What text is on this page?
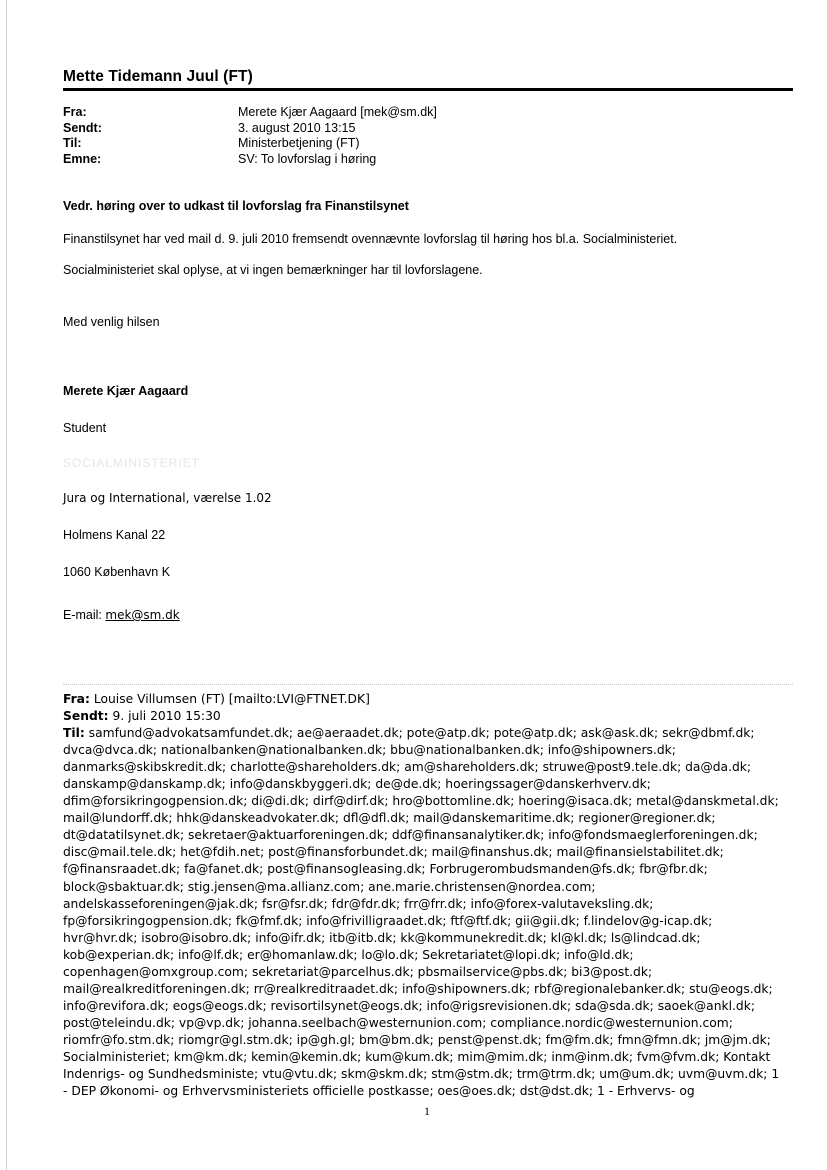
Mette Tidemann Juul (FT)
Fra:	Merete Kjær Aagaard [mek@sm.dk]
Sendt:	3. august 2010 13:15
Til:	Ministerbetjening (FT)
Emne:	SV: To lovforslag i høring
Vedr. høring over to udkast til lovforslag fra Finanstilsynet
Finanstilsynet har ved mail d. 9. juli 2010 fremsendt ovennævnte lovforslag til høring hos bl.a. Socialministeriet.
Socialministeriet skal oplyse, at vi ingen bemærkninger har til lovforslagene.
Med venlig hilsen
Merete Kjær Aagaard
Student
SOCIALMINISTERIET
Jura og International, værelse 1.02
Holmens Kanal 22
1060 København K
E-mail: mek@sm.dk
Fra: Louise Villumsen (FT) [mailto:LVI@FTNET.DK]
Sendt: 9. juli 2010 15:30
Til: samfund@advokatsamfundet.dk; ae@aeraadet.dk; pote@atp.dk; pote@atp.dk; ask@ask.dk; sekr@dbmf.dk;
dvca@dvca.dk; nationalbanken@nationalbanken.dk; bbu@nationalbanken.dk; info@shipowners.dk;
danmarks@skibskredit.dk; charlotte@shareholders.dk; am@shareholders.dk; struwe@post9.tele.dk; da@da.dk;
danskamp@danskamp.dk; info@danskbyggeri.dk; de@de.dk; hoeringssager@danskerhverv.dk;
dfim@forsikringogpension.dk; di@di.dk; dirf@dirf.dk; hro@bottomline.dk; hoering@isaca.dk; metal@danskmetal.dk;
mail@lundorff.dk; hhk@danskeadvokater.dk; dfl@dfl.dk; mail@danskemaritime.dk; regioner@regioner.dk;
dt@datatilsynet.dk; sekretaer@aktuarforeningen.dk; ddf@finansanalytiker.dk; info@fondsmaeglerforeningen.dk;
disc@mail.tele.dk; het@fdih.net; post@finansforbundet.dk; mail@finanshus.dk; mail@finansielstabilitet.dk;
f@finansraadet.dk; fa@fanet.dk; post@finansogleasing.dk; Forbrugerombudsmanden@fs.dk; fbr@fbr.dk;
block@sbaktuar.dk; stig.jensen@ma.allianz.com; ane.marie.christensen@nordea.com;
andelskasseforeningen@jak.dk; fsr@fsr.dk; fdr@fdr.dk; frr@frr.dk; info@forex-valutaveksling.dk;
fp@forsikringogpension.dk; fk@fmf.dk; info@frivilligraadet.dk; ftf@ftf.dk; gii@gii.dk; f.lindelov@g-icap.dk;
hvr@hvr.dk; isobro@isobro.dk; info@ifr.dk; itb@itb.dk; kk@kommunekredit.dk; kl@kl.dk; ls@lindcad.dk;
kob@experian.dk; info@lf.dk; er@homanlaw.dk; lo@lo.dk; Sekretariatet@lopi.dk; info@ld.dk;
copenhagen@omxgroup.com; sekretariat@parcelhus.dk; pbsmailservice@pbs.dk; bi3@post.dk;
mail@realkreditforeningen.dk; rr@realkreditraadet.dk; info@shipowners.dk; rbf@regionalebanker.dk; stu@eogs.dk;
info@revifora.dk; eogs@eogs.dk; revisortilsynet@eogs.dk; info@rigsrevisionen.dk; sda@sda.dk; saoek@ankl.dk;
post@teleindu.dk; vp@vp.dk; johanna.seelbach@westernunion.com; compliance.nordic@westernunion.com;
riomfr@fo.stm.dk; riomgr@gl.stm.dk; ip@gh.gl; bm@bm.dk; penst@penst.dk; fm@fm.dk; fmn@fmn.dk; jm@jm.dk;
Socialministeriet; km@km.dk; kemin@kemin.dk; kum@kum.dk; mim@mim.dk; inm@inm.dk; fvm@fvm.dk; Kontakt
Indenrigs- og Sundhedsministe; vtu@vtu.dk; skm@skm.dk; stm@stm.dk; trm@trm.dk; um@um.dk; uvm@uvm.dk; 1
- DEP Økonomi- og Erhvervsministeriets officielle postkasse; oes@oes.dk; dst@dst.dk; 1 - Erhvervs- og
1
